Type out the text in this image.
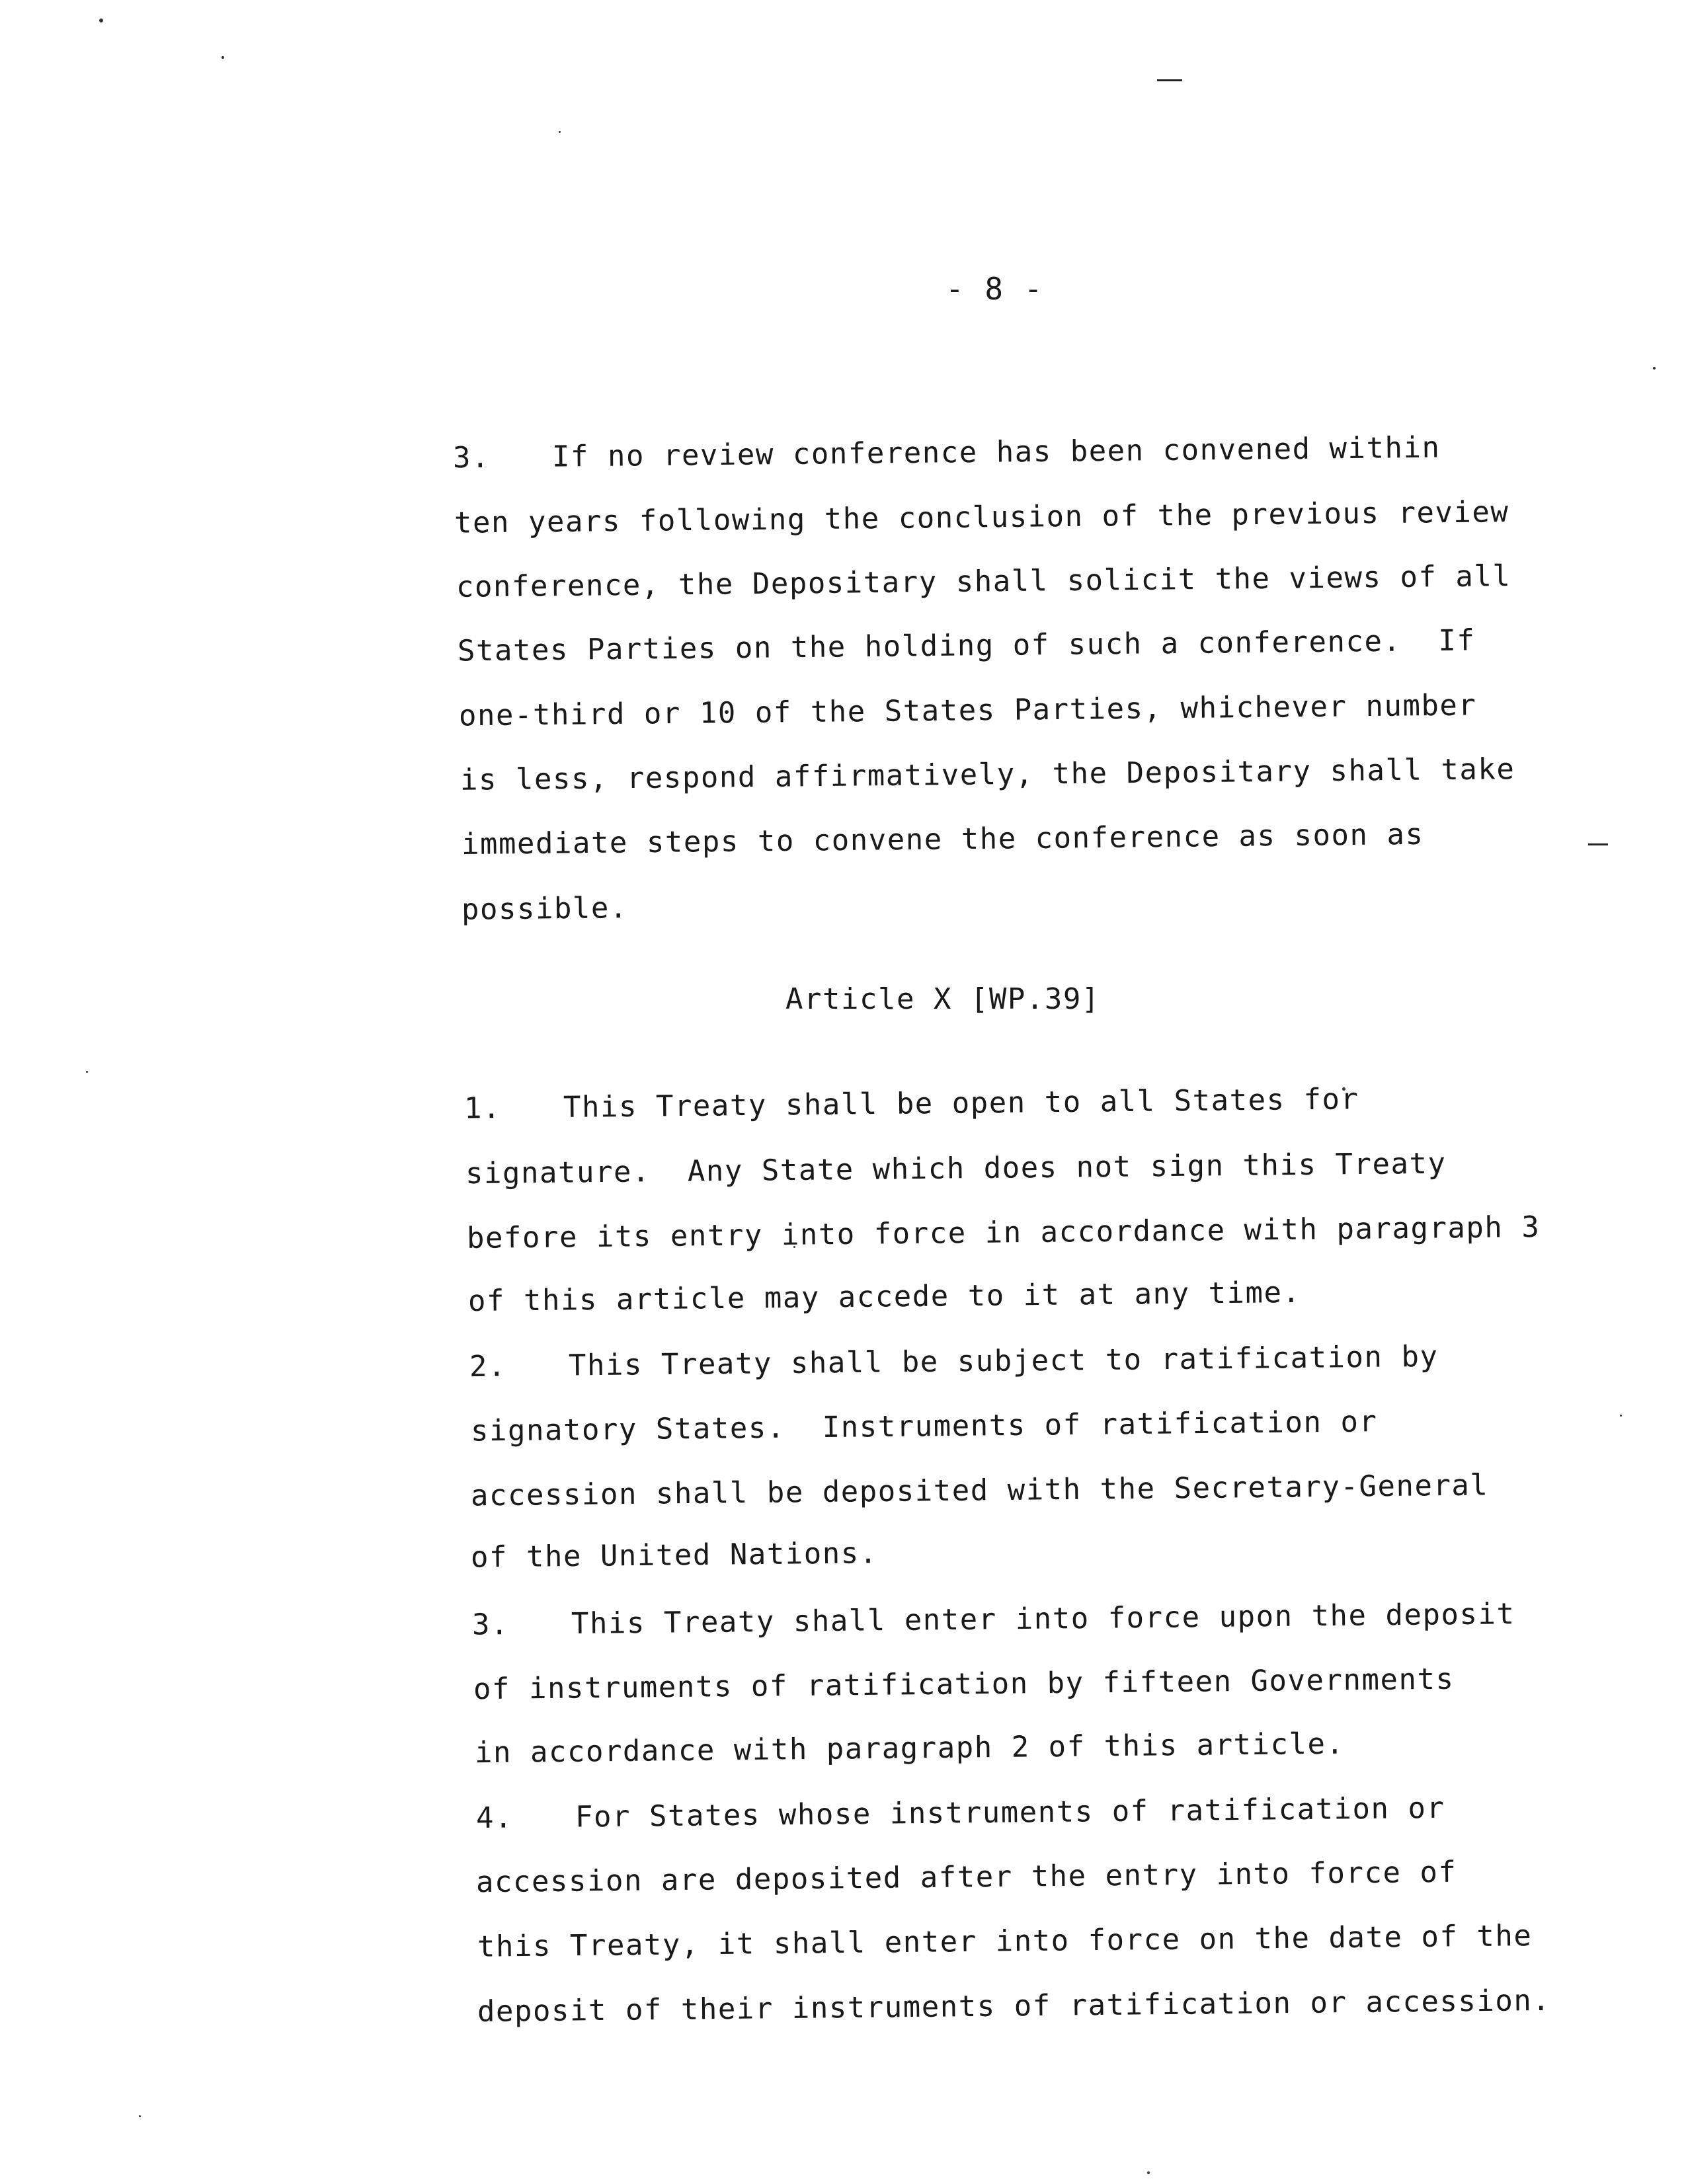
- 8 -

3. If no review conference has been convened within

ten years following the conclusion of the previous review

conference, the Depositary shall solicit the views of all

States Parties on the holding of such a conference.  If

one-third or 10 of the States Parties, whichever number

is less, respond affirmatively, the Depositary shall take

immediate steps to convene the conference as soon as

possible.

Article X [WP.39]

1. This Treaty shall be open to all States for

signature.  Any State which does not sign this Treaty

before its entry into force in accordance with paragraph 3

of this article may accede to it at any time.

2. This Treaty shall be subject to ratification by

signatory States.  Instruments of ratification or

accession shall be deposited with the Secretary-General

of the United Nations.

3. This Treaty shall enter into force upon the deposit

of instruments of ratification by fifteen Governments

in accordance with paragraph 2 of this article.

4. For States whose instruments of ratification or

accession are deposited after the entry into force of

this Treaty, it shall enter into force on the date of the

deposit of their instruments of ratification or accession.
